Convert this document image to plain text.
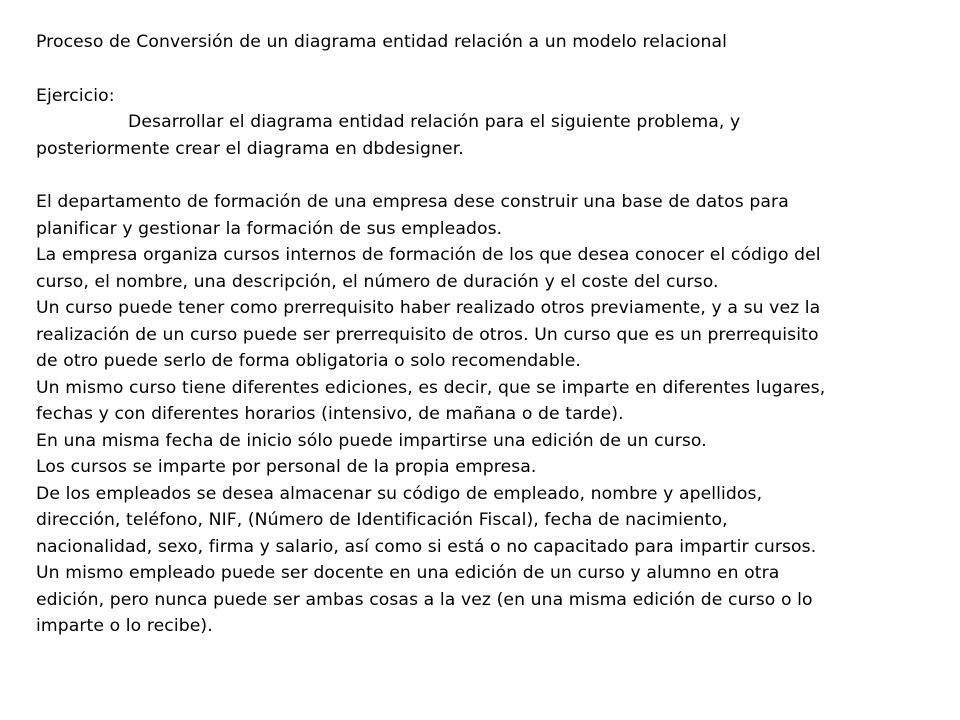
Proceso de Conversión de un diagrama entidad relación a un modelo relacional
Ejercicio:
Desarrollar el diagrama entidad relación para el siguiente problema, y
posteriormente crear el diagrama en dbdesigner.
El departamento de formación de una empresa dese construir una base de datos para
planificar y gestionar la formación de sus empleados.
La empresa organiza cursos internos de formación de los que desea conocer el código del
curso, el nombre, una descripción, el número de duración y el coste del curso.
Un curso puede tener como prerrequisito haber realizado otros previamente, y a su vez la
realización de un curso puede ser prerrequisito de otros. Un curso que es un prerrequisito
de otro puede serlo de forma obligatoria o solo recomendable.
Un mismo curso tiene diferentes ediciones, es decir, que se imparte en diferentes lugares,
fechas y con diferentes horarios (intensivo, de mañana o de tarde).
En una misma fecha de inicio sólo puede impartirse una edición de un curso.
Los cursos se imparte por personal de la propia empresa.
De los empleados se desea almacenar su código de empleado, nombre y apellidos,
dirección, teléfono, NIF, (Número de Identificación Fiscal), fecha de nacimiento,
nacionalidad, sexo, firma y salario, así como si está o no capacitado para impartir cursos.
Un mismo empleado puede ser docente en una edición de un curso y alumno en otra
edición, pero nunca puede ser ambas cosas a la vez (en una misma edición de curso o lo
imparte o lo recibe).
